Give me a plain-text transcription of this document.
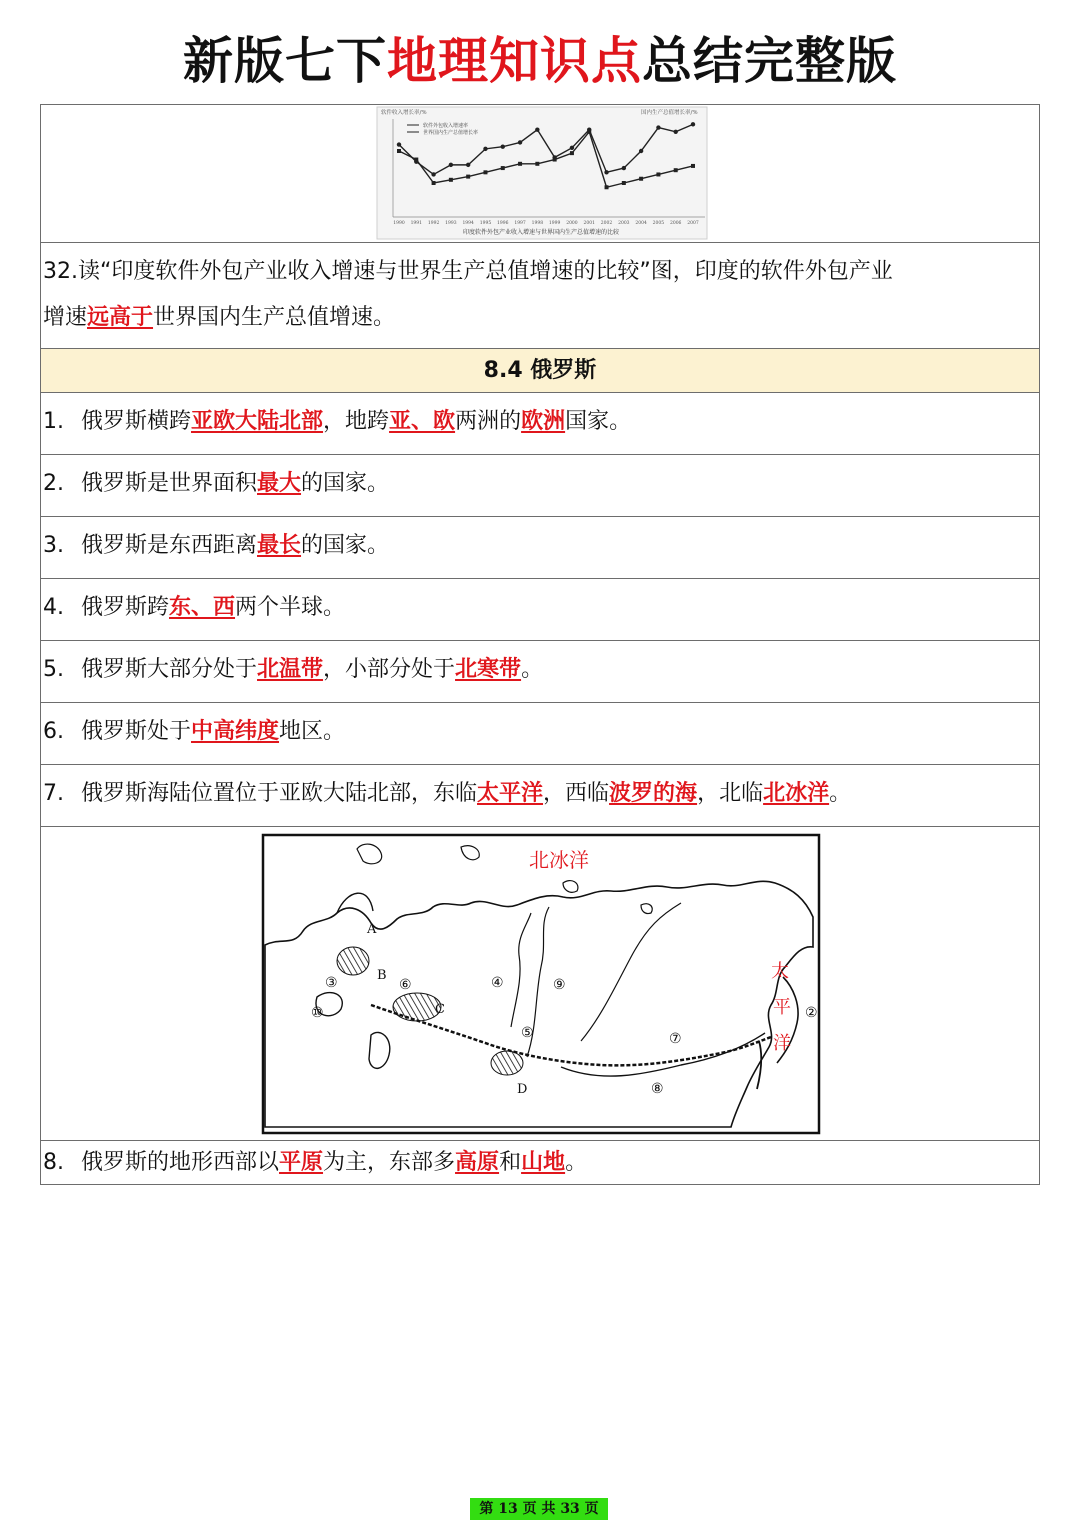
新版七下地理知识点总结完整版
软件收入增长率/%	国内生产总值增长率/%
软件外包收入增速率
世界国内生产总值增长率
1990 1991 1992 1993 1994 1995 1996 1997 1998 1999 2000 2001 2002 2003 2004 2005 2006 2007
印度软件外包产业收入增速与世界国内生产总值增速的比较
32.读“印度软件外包产业收入增速与世界生产总值增速的比较”图，印度的软件外包产业
增速远高于世界国内生产总值增速。
8.4 俄罗斯
1. 俄罗斯横跨亚欧大陆北部，地跨亚、欧两洲的欧洲国家。
2. 俄罗斯是世界面积最大的国家。
3. 俄罗斯是东西距离最长的国家。
4. 俄罗斯跨东、西两个半球。
5. 俄罗斯大部分处于北温带，小部分处于北寒带。
6. 俄罗斯处于中高纬度地区。
7. 俄罗斯海陆位置位于亚欧大陆北部，东临太平洋，西临波罗的海，北临北冰洋。
A
B
C
D
②
③	④
⑤
⑥
⑦
⑧
⑨
⑩
北冰洋
太
平
洋
8. 俄罗斯的地形西部以平原为主，东部多高原和山地。
第 13 页 共 33 页
